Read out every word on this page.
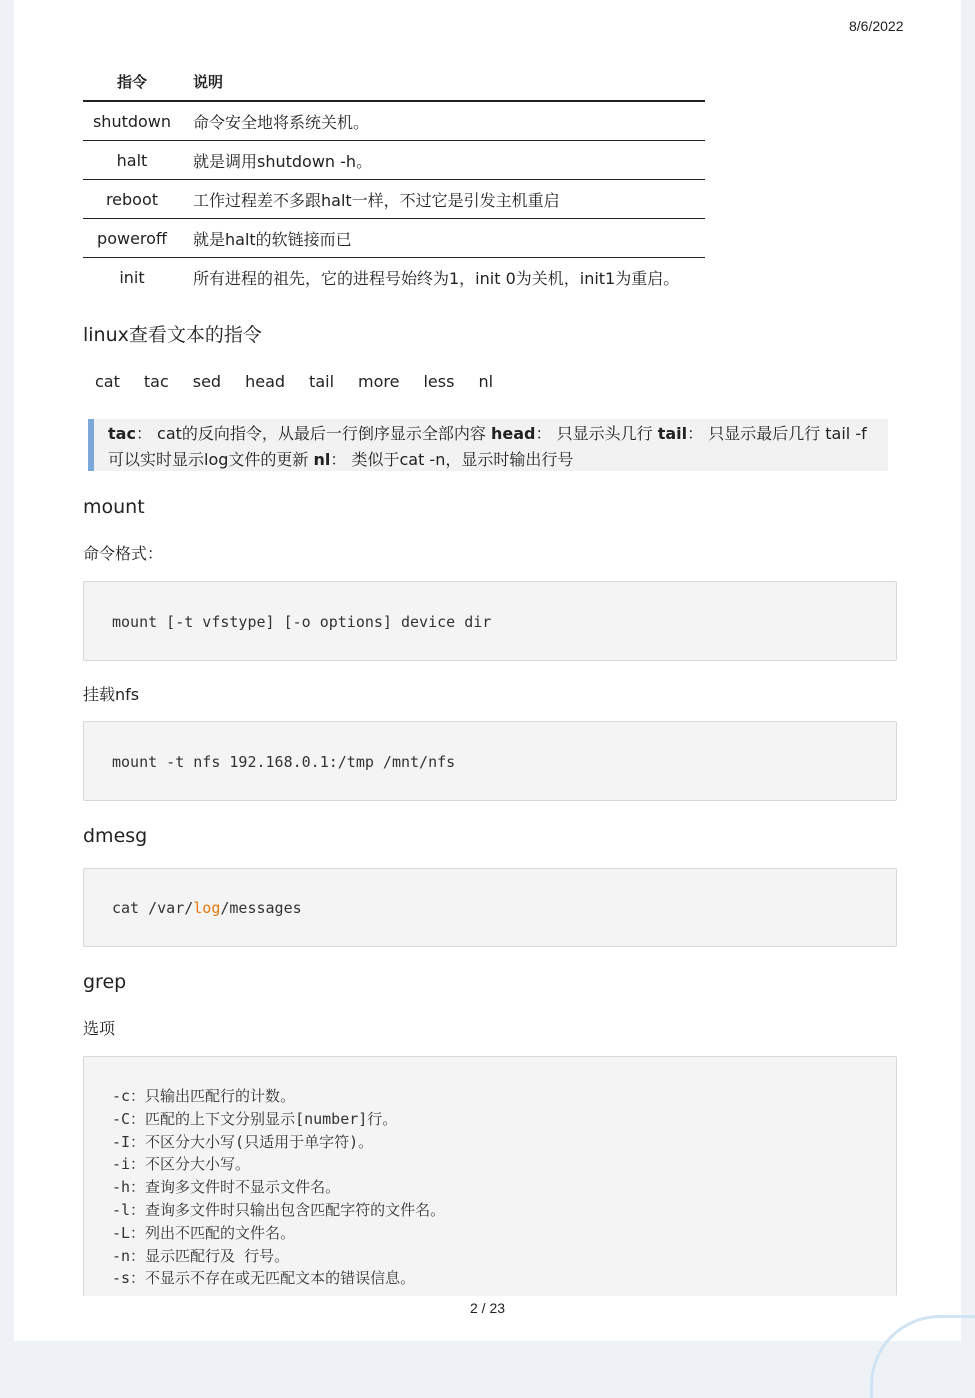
8/6/2022
指令	说明
shutdown	命令安全地将系统关机。
halt	就是调用shutdown -h。
reboot	工作过程差不多跟halt一样，不过它是引发主机重启
poweroff	就是halt的软链接而已
init	所有进程的祖先，它的进程号始终为1，init 0为关机，init1为重启。
linux查看文本的指令
cat tac sed head tail more less nl
tac： cat的反向指令，从最后一行倒序显示全部内容 head： 只显示头几行 tail： 只显示最后几行 tail -f
可以实时显示log文件的更新 nl： 类似于cat -n，显示时输出行号
mount
命令格式：
mount [-t vfstype] [-o options] device dir
挂载nfs
mount -t nfs 192.168.0.1:/tmp /mnt/nfs
dmesg
cat /var/log/messages
grep
选项
-c：只输出匹配行的计数。
-C：匹配的上下文分别显示[number]行。
-I：不区分大小写(只适用于单字符)。
-i：不区分大小写。
-h：查询多文件时不显示文件名。
-l：查询多文件时只输出包含匹配字符的文件名。
-L：列出不匹配的文件名。
-n：显示匹配行及 行号。
-s：不显示不存在或无匹配文本的错误信息。
2 / 23
